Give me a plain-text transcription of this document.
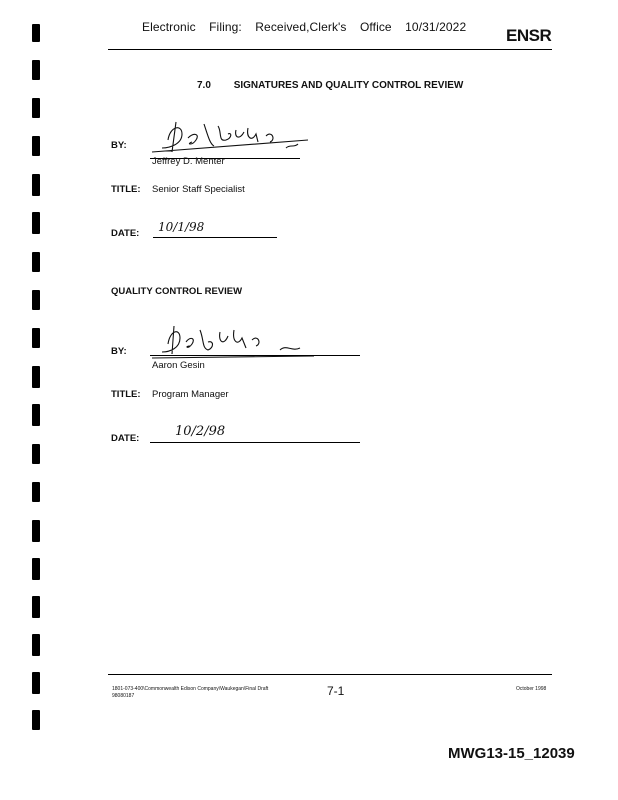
Electronic Filing: Received,Clerk's Office 10/31/2022	ENSR
7.0 SIGNATURES AND QUALITY CONTROL REVIEW
BY:
Jeffrey D. Menter
TITLE: Senior Staff Specialist
DATE: 10/1/98
QUALITY CONTROL REVIEW
BY:
Aaron Gesin
TITLE: Program Manager
DATE:	10/2/98
1801-073-400\Commonwealth Edison Company\Waukegan\Final Draft
98080187	7-1	October 1998
MWG13-15_12039
